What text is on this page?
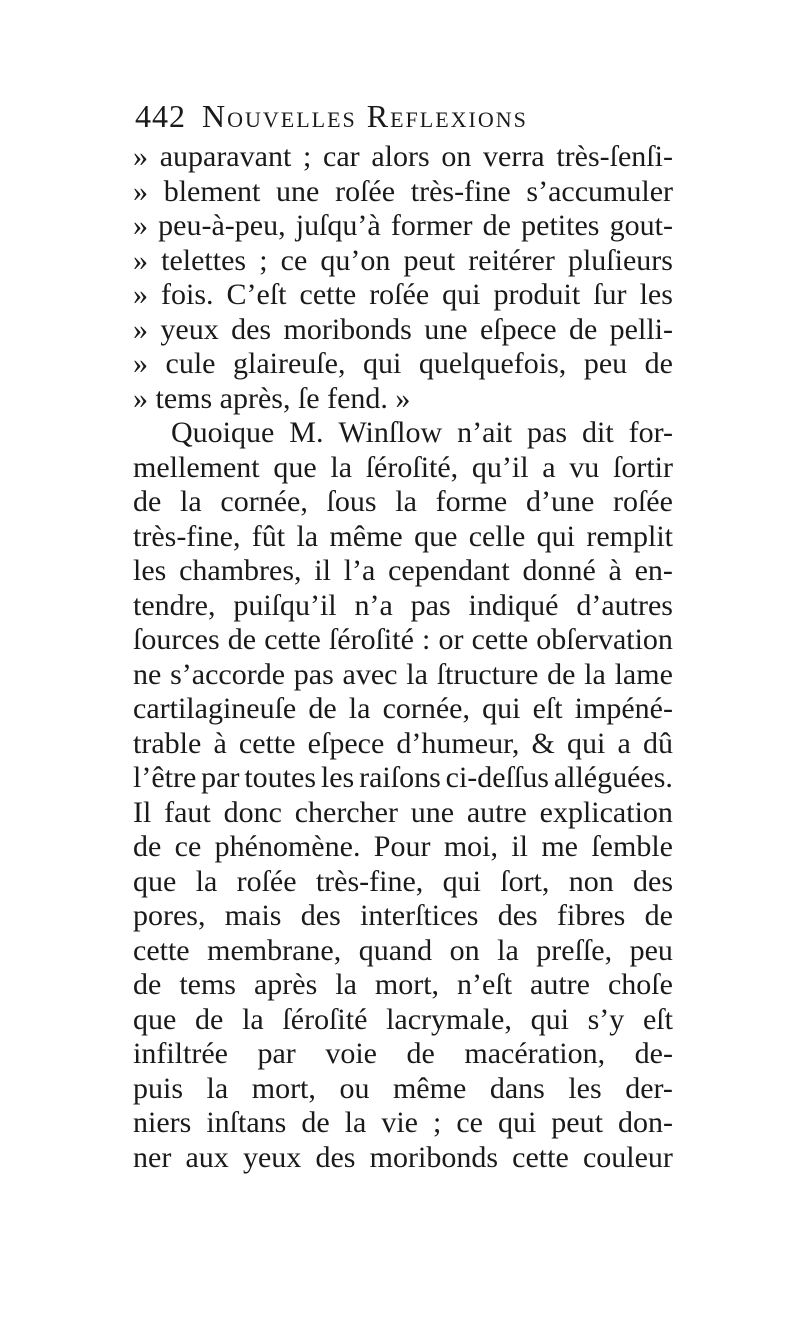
442 Nouvelles Reflexions
» auparavant ; car alors on verra très-ſenſi-
» blement une roſée très-fine s’accumuler
» peu-à-peu, juſqu’à former de petites gout-
» telettes ; ce qu’on peut reitérer pluſieurs
» fois. C’eſt cette roſée qui produit ſur les
» yeux des moribonds une eſpece de pelli-
» cule glaireuſe, qui quelquefois, peu de
» tems après, ſe fend. »
Quoique M. Winſlow n’ait pas dit for-
mellement que la ſéroſité, qu’il a vu ſortir
de la cornée, ſous la forme d’une roſée
très-fine, fût la même que celle qui remplit
les chambres, il l’a cependant donné à en-
tendre, puiſqu’il n’a pas indiqué d’autres
ſources de cette ſéroſité : or cette obſervation
ne s’accorde pas avec la ſtructure de la lame
cartilagineuſe de la cornée, qui eſt impéné-
trable à cette eſpece d’humeur, & qui a dû
l’être par toutes les raiſons ci-deſſus alléguées.
Il faut donc chercher une autre explication
de ce phénomène. Pour moi, il me ſemble
que la roſée très-fine, qui ſort, non des
pores, mais des interſtices des fibres de
cette membrane, quand on la preſſe, peu
de tems après la mort, n’eſt autre choſe
que de la ſéroſité lacrymale, qui s’y eſt
infiltrée par voie de macération, de-
puis la mort, ou même dans les der-
niers inſtans de la vie ; ce qui peut don-
ner aux yeux des moribonds cette couleur
